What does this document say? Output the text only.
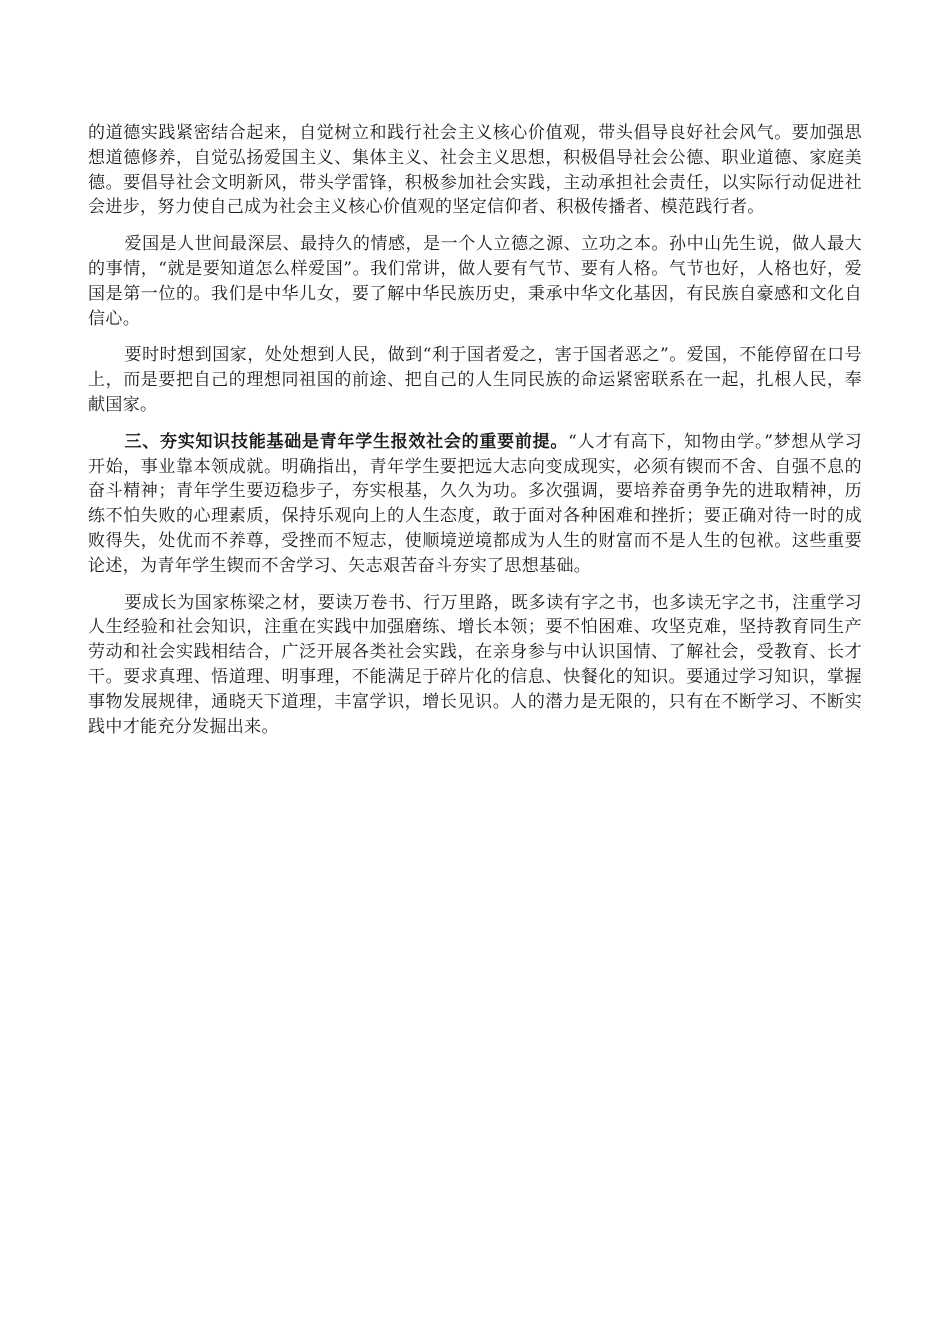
的道德实践紧密结合起来，自觉树立和践行社会主义核心价值观，带头倡导良好社会风气。要加强思想道德修养，自觉弘扬爱国主义、集体主义、社会主义思想，积极倡导社会公德、职业道德、家庭美德。要倡导社会文明新风，带头学雷锋，积极参加社会实践，主动承担社会责任，以实际行动促进社会进步，努力使自己成为社会主义核心价值观的坚定信仰者、积极传播者、模范践行者。

爱国是人世间最深层、最持久的情感，是一个人立德之源、立功之本。孙中山先生说，做人最大的事情，“就是要知道怎么样爱国”。我们常讲，做人要有气节、要有人格。气节也好，人格也好，爱国是第一位的。我们是中华儿女，要了解中华民族历史，秉承中华文化基因，有民族自豪感和文化自信心。

要时时想到国家，处处想到人民，做到“利于国者爱之，害于国者恶之”。爱国，不能停留在口号上，而是要把自己的理想同祖国的前途、把自己的人生同民族的命运紧密联系在一起，扎根人民，奉献国家。

三、夯实知识技能基础是青年学生报效社会的重要前提。“人才有高下，知物由学。”梦想从学习开始，事业靠本领成就。明确指出，青年学生要把远大志向变成现实，必须有锲而不舍、自强不息的奋斗精神；青年学生要迈稳步子，夯实根基，久久为功。多次强调，要培养奋勇争先的进取精神，历练不怕失败的心理素质，保持乐观向上的人生态度，敢于面对各种困难和挫折；要正确对待一时的成败得失，处优而不养尊，受挫而不短志，使顺境逆境都成为人生的财富而不是人生的包袱。这些重要论述，为青年学生锲而不舍学习、矢志艰苦奋斗夯实了思想基础。

要成长为国家栋梁之材，要读万卷书、行万里路，既多读有字之书，也多读无字之书，注重学习人生经验和社会知识，注重在实践中加强磨练、增长本领；要不怕困难、攻坚克难，坚持教育同生产劳动和社会实践相结合，广泛开展各类社会实践，在亲身参与中认识国情、了解社会，受教育、长才干。要求真理、悟道理、明事理，不能满足于碎片化的信息、快餐化的知识。要通过学习知识，掌握事物发展规律，通晓天下道理，丰富学识，增长见识。人的潜力是无限的，只有在不断学习、不断实践中才能充分发掘出来。
